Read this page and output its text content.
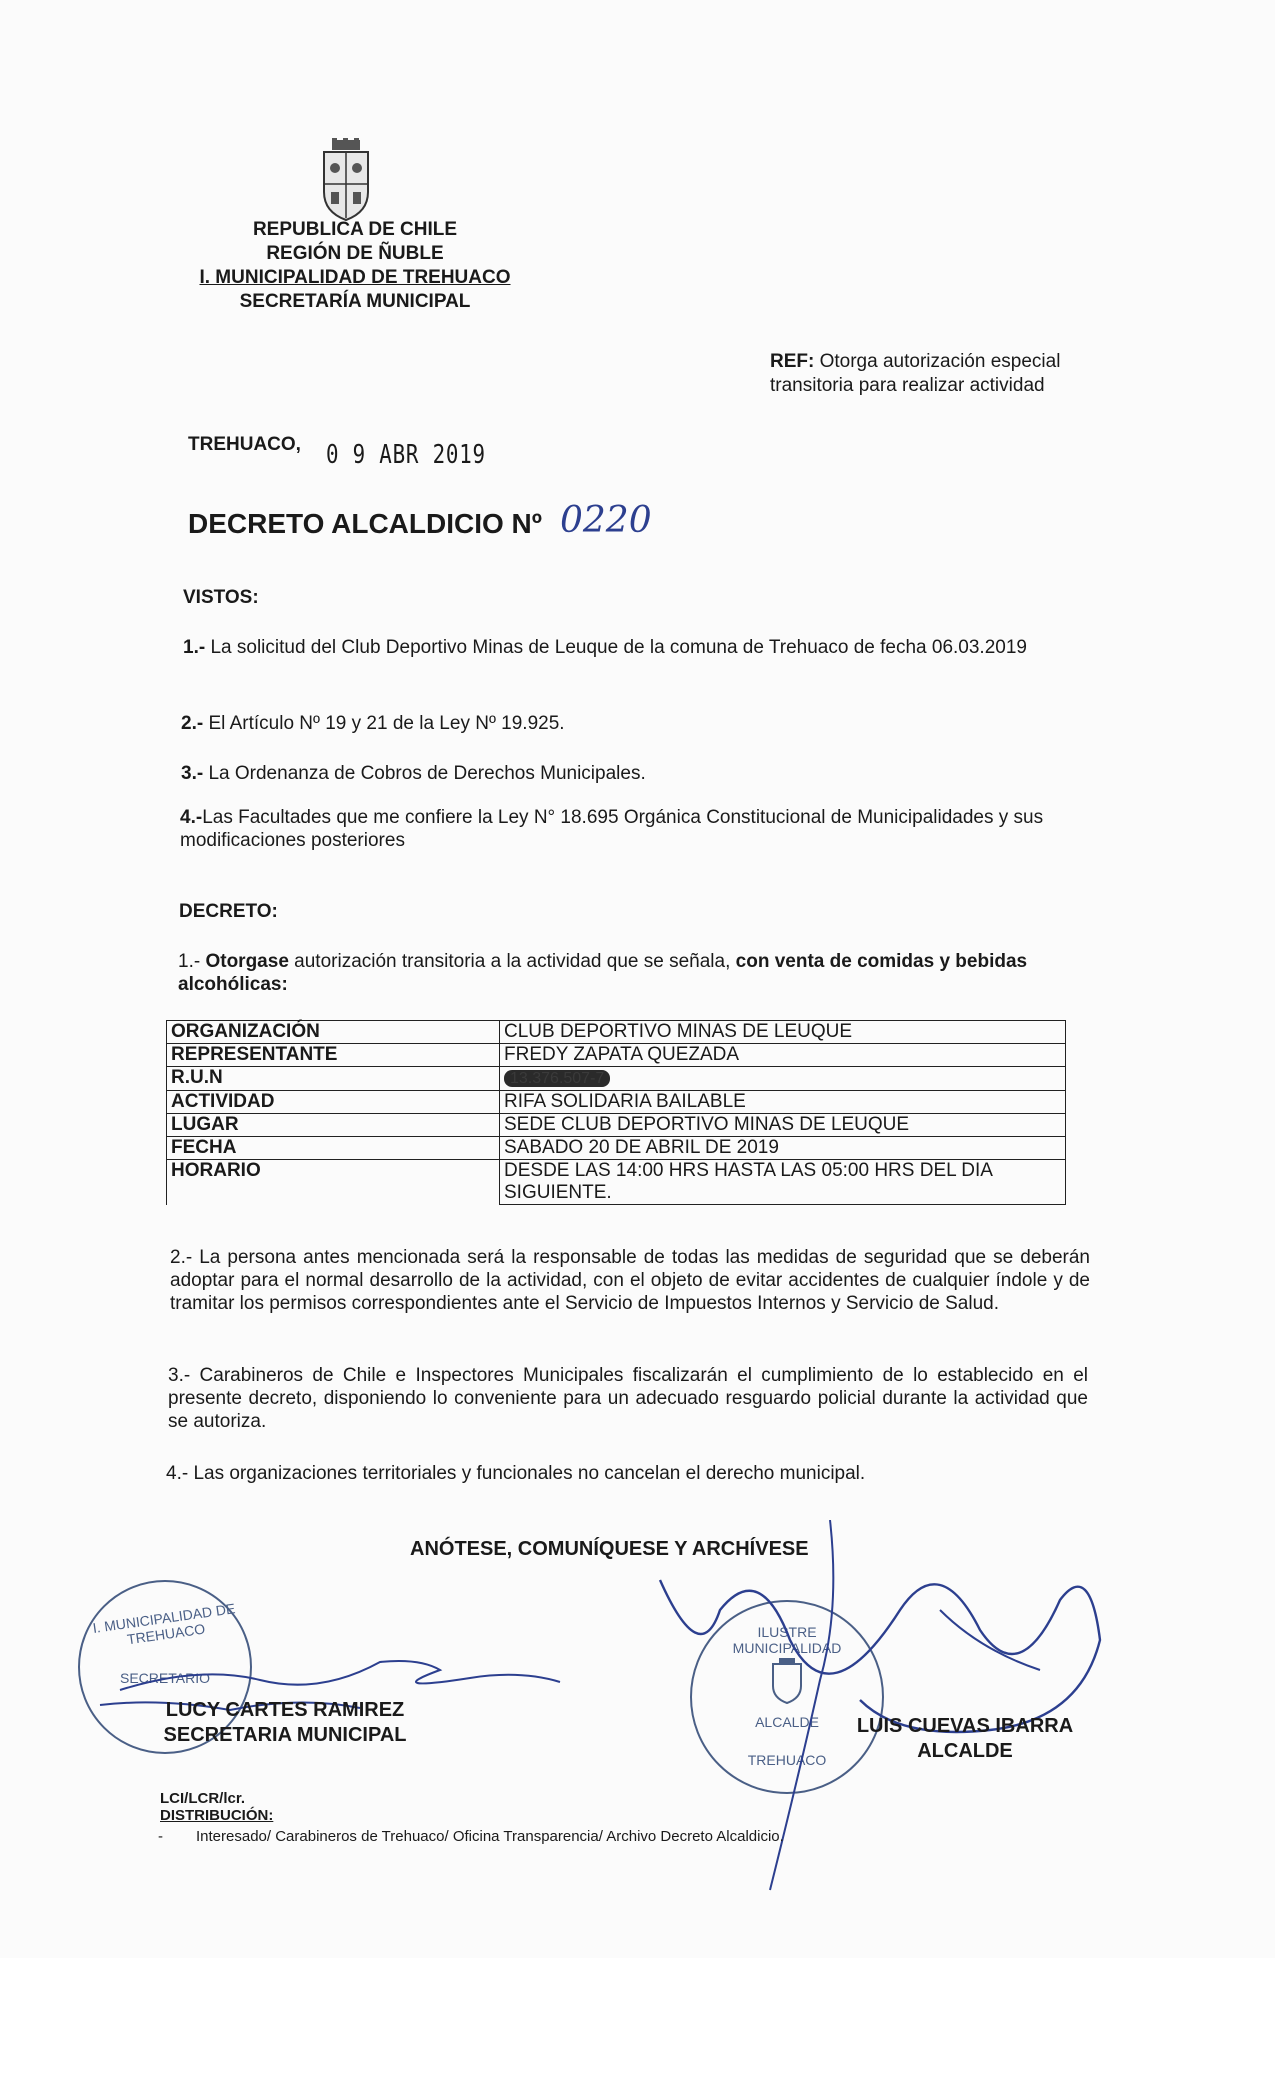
REPUBLICA DE CHILE
REGIÓN DE ÑUBLE
I. MUNICIPALIDAD DE TREHUACO
SECRETARÍA MUNICIPAL
REF: Otorga autorización especial transitoria para realizar actividad
TREHUACO, 0 9 ABR 2019
DECRETO ALCALDICIO Nº 0220
VISTOS:
1.- La solicitud del Club Deportivo Minas de Leuque de la comuna de Trehuaco de fecha 06.03.2019
2.- El Artículo Nº 19 y 21 de la Ley Nº 19.925.
3.- La Ordenanza de Cobros de Derechos Municipales.
4.-Las Facultades que me confiere la Ley N° 18.695 Orgánica Constitucional de Municipalidades y sus modificaciones posteriores
DECRETO:
1.- Otorgase autorización transitoria a la actividad que se señala, con venta de comidas y bebidas alcohólicas:
ORGANIZACIÓN	CLUB DEPORTIVO MINAS DE LEUQUE
REPRESENTANTE	FREDY ZAPATA QUEZADA
R.U.N	13.376.507-7
ACTIVIDAD	RIFA SOLIDARIA BAILABLE
LUGAR	SEDE CLUB DEPORTIVO MINAS DE LEUQUE
FECHA	SABADO 20 DE ABRIL DE 2019
HORARIO	DESDE LAS 14:00 HRS HASTA LAS 05:00 HRS DEL DIA SIGUIENTE.
2.- La persona antes mencionada será la responsable de todas las medidas de seguridad que se deberán adoptar para el normal desarrollo de la actividad, con el objeto de evitar accidentes de cualquier índole y de tramitar los permisos correspondientes ante el Servicio de Impuestos Internos y Servicio de Salud.
3.- Carabineros de Chile e Inspectores Municipales fiscalizarán el cumplimiento de lo establecido en el presente decreto, disponiendo lo conveniente para un adecuado resguardo policial durante la actividad que se autoriza.
4.- Las organizaciones territoriales y funcionales no cancelan el derecho municipal.
ANÓTESE, COMUNÍQUESE Y ARCHÍVESE
I. MUNICIPALIDAD DE TREHUACO
SECRETARIO
ILUSTRE MUNICIPALIDAD
ALCALDE
TREHUACO
LUCY CARTES RAMIREZ
SECRETARIA MUNICIPAL	LUIS CUEVAS IBARRA
ALCALDE
LCI/LCR/lcr.
DISTRIBUCIÓN:
- Interesado/ Carabineros de Trehuaco/ Oficina Transparencia/ Archivo Decreto Alcaldicio.
